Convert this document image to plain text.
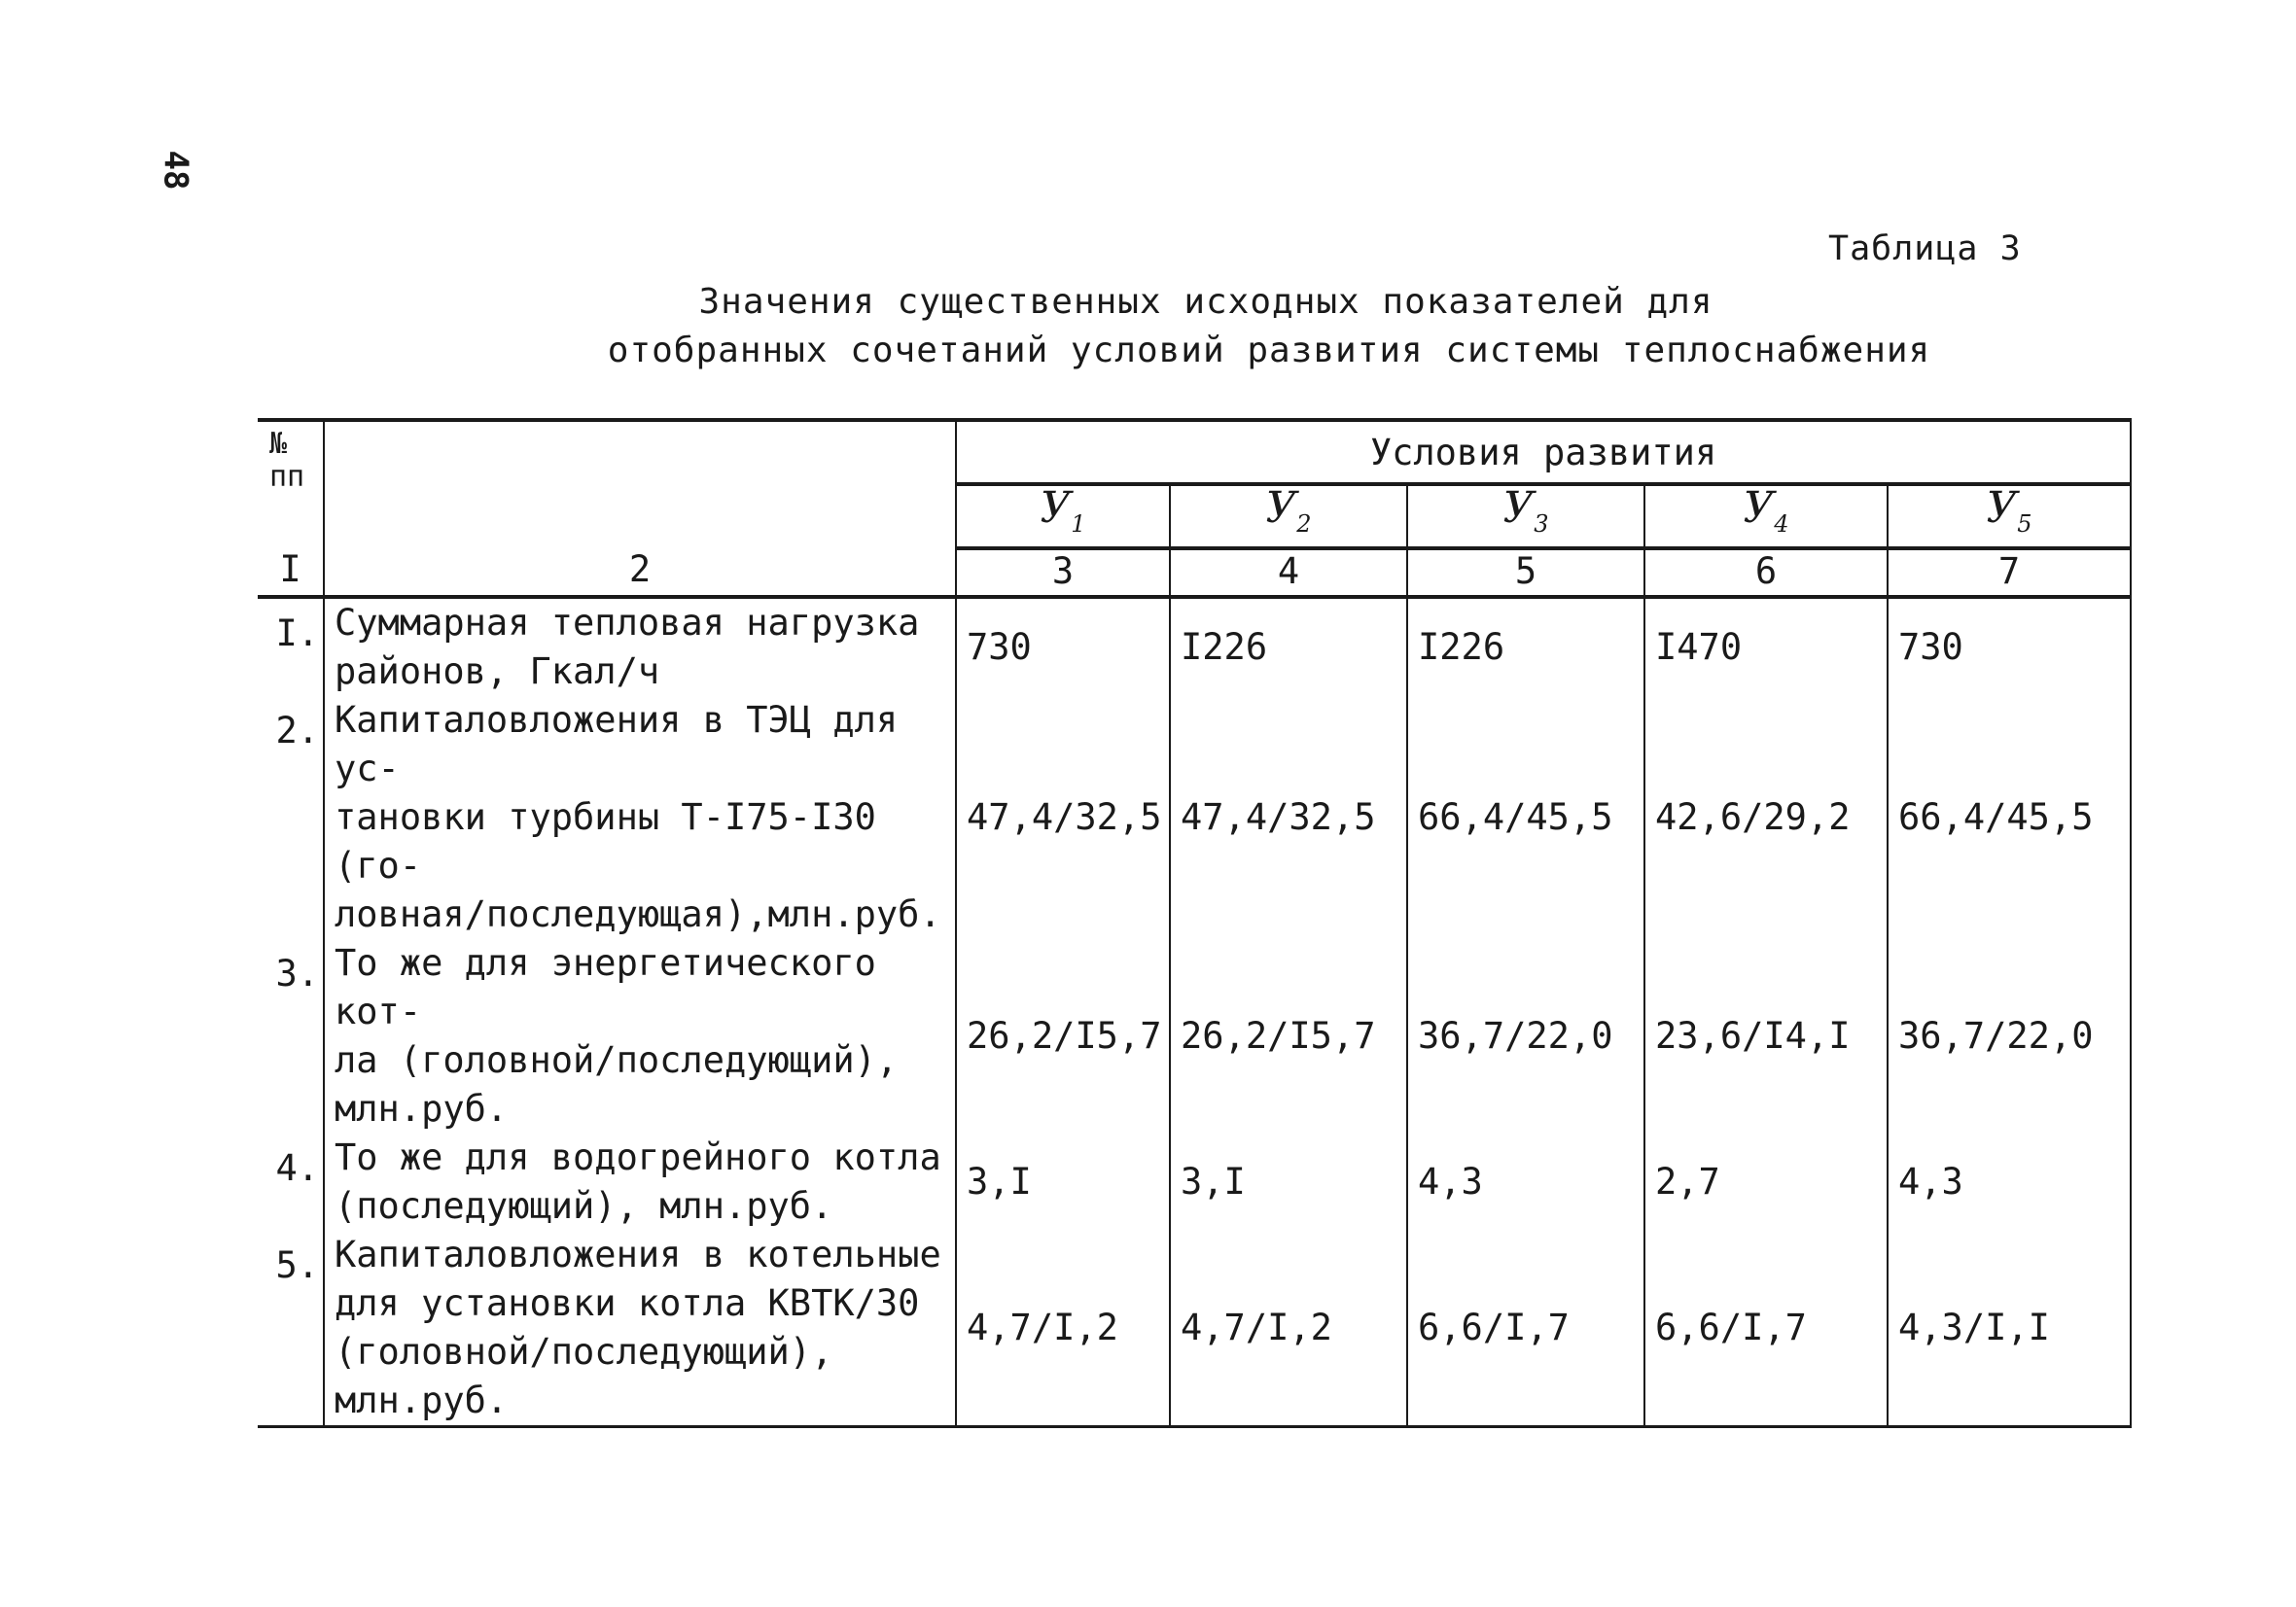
48
Таблица 3
Значения существенных исходных показателей для
отобранных сочетаний условий развития системы теплоснабжения
№ пп		Условия развития				
		$У_1$	$У_2$	$У_3$	$У_4$	$У_5$
I	2	3	4	5	6	7
I.	Суммарная тепловая нагрузка
районов, Гкал/ч	730	I226	I226	I470	730
2.	Капиталовложения в ТЭЦ для ус-
тановки турбины Т-I75-I30 (го-
ловная/последующая),млн.руб.	47,4/32,5	47,4/32,5	66,4/45,5	42,6/29,2	66,4/45,5
3.	То же для энергетического кот-
ла (головной/последующий),
млн.руб.	26,2/I5,7	26,2/I5,7	36,7/22,0	23,6/I4,I	36,7/22,0
4.	То же для водогрейного котла
(последующий), млн.руб.	3,I	3,I	4,3	2,7	4,3
5.	Капиталовложения в котельные
для установки котла КВТК/30
(головной/последующий),
млн.руб.	4,7/I,2	4,7/I,2	6,6/I,7	6,6/I,7	4,3/I,I
